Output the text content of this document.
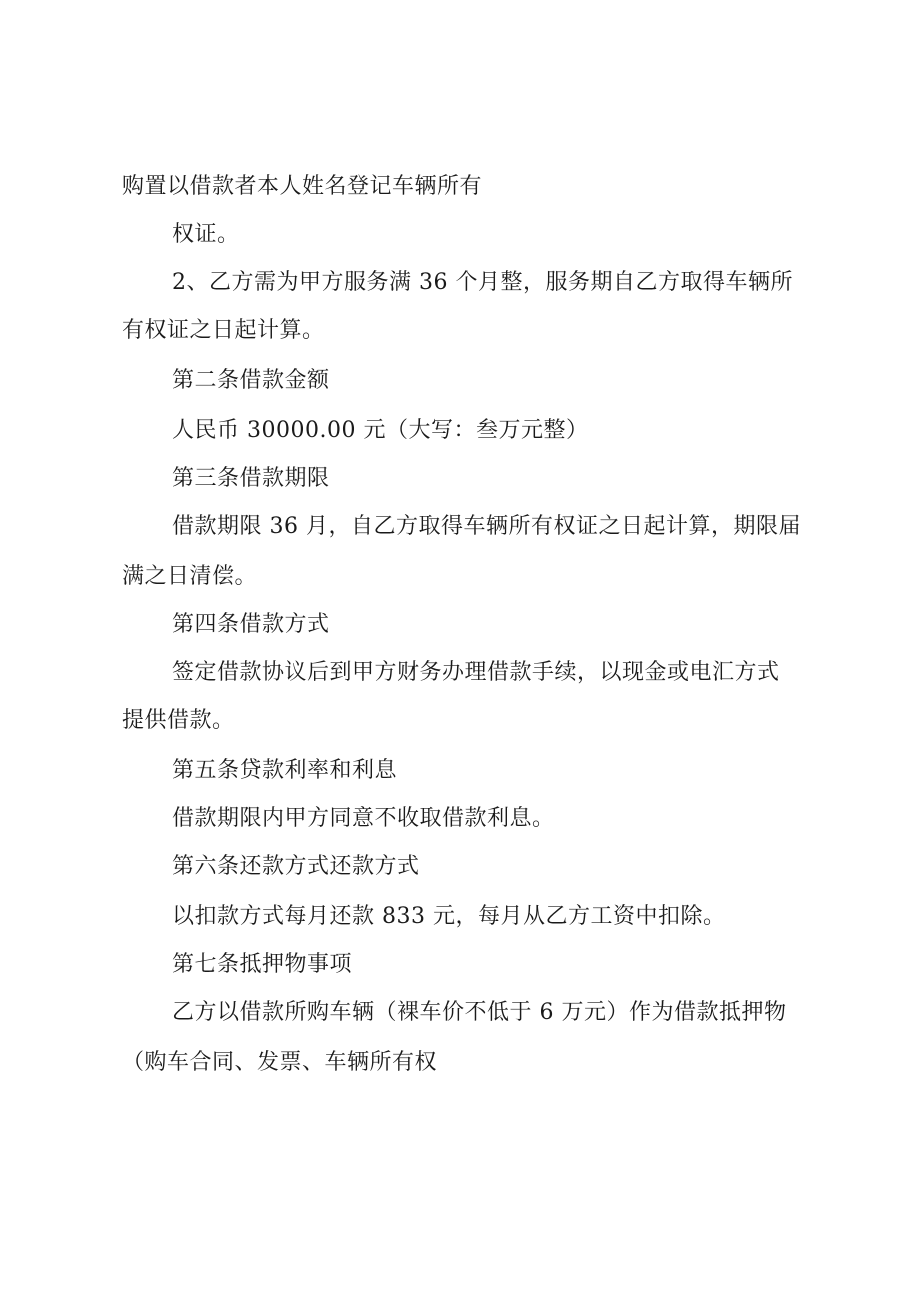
购置以借款者本人姓名登记车辆所有
权证。
2、乙方需为甲方服务满 36 个月整，服务期自乙方取得车辆所
有权证之日起计算。
第二条借款金额
人民币 30000.00 元（大写：叁万元整）
第三条借款期限
借款期限 36 月，自乙方取得车辆所有权证之日起计算，期限届
满之日清偿。
第四条借款方式
签定借款协议后到甲方财务办理借款手续，以现金或电汇方式
提供借款。
第五条贷款利率和利息
借款期限内甲方同意不收取借款利息。
第六条还款方式还款方式
以扣款方式每月还款 833 元，每月从乙方工资中扣除。
第七条抵押物事项
乙方以借款所购车辆（裸车价不低于 6 万元）作为借款抵押物
（购车合同、发票、车辆所有权
